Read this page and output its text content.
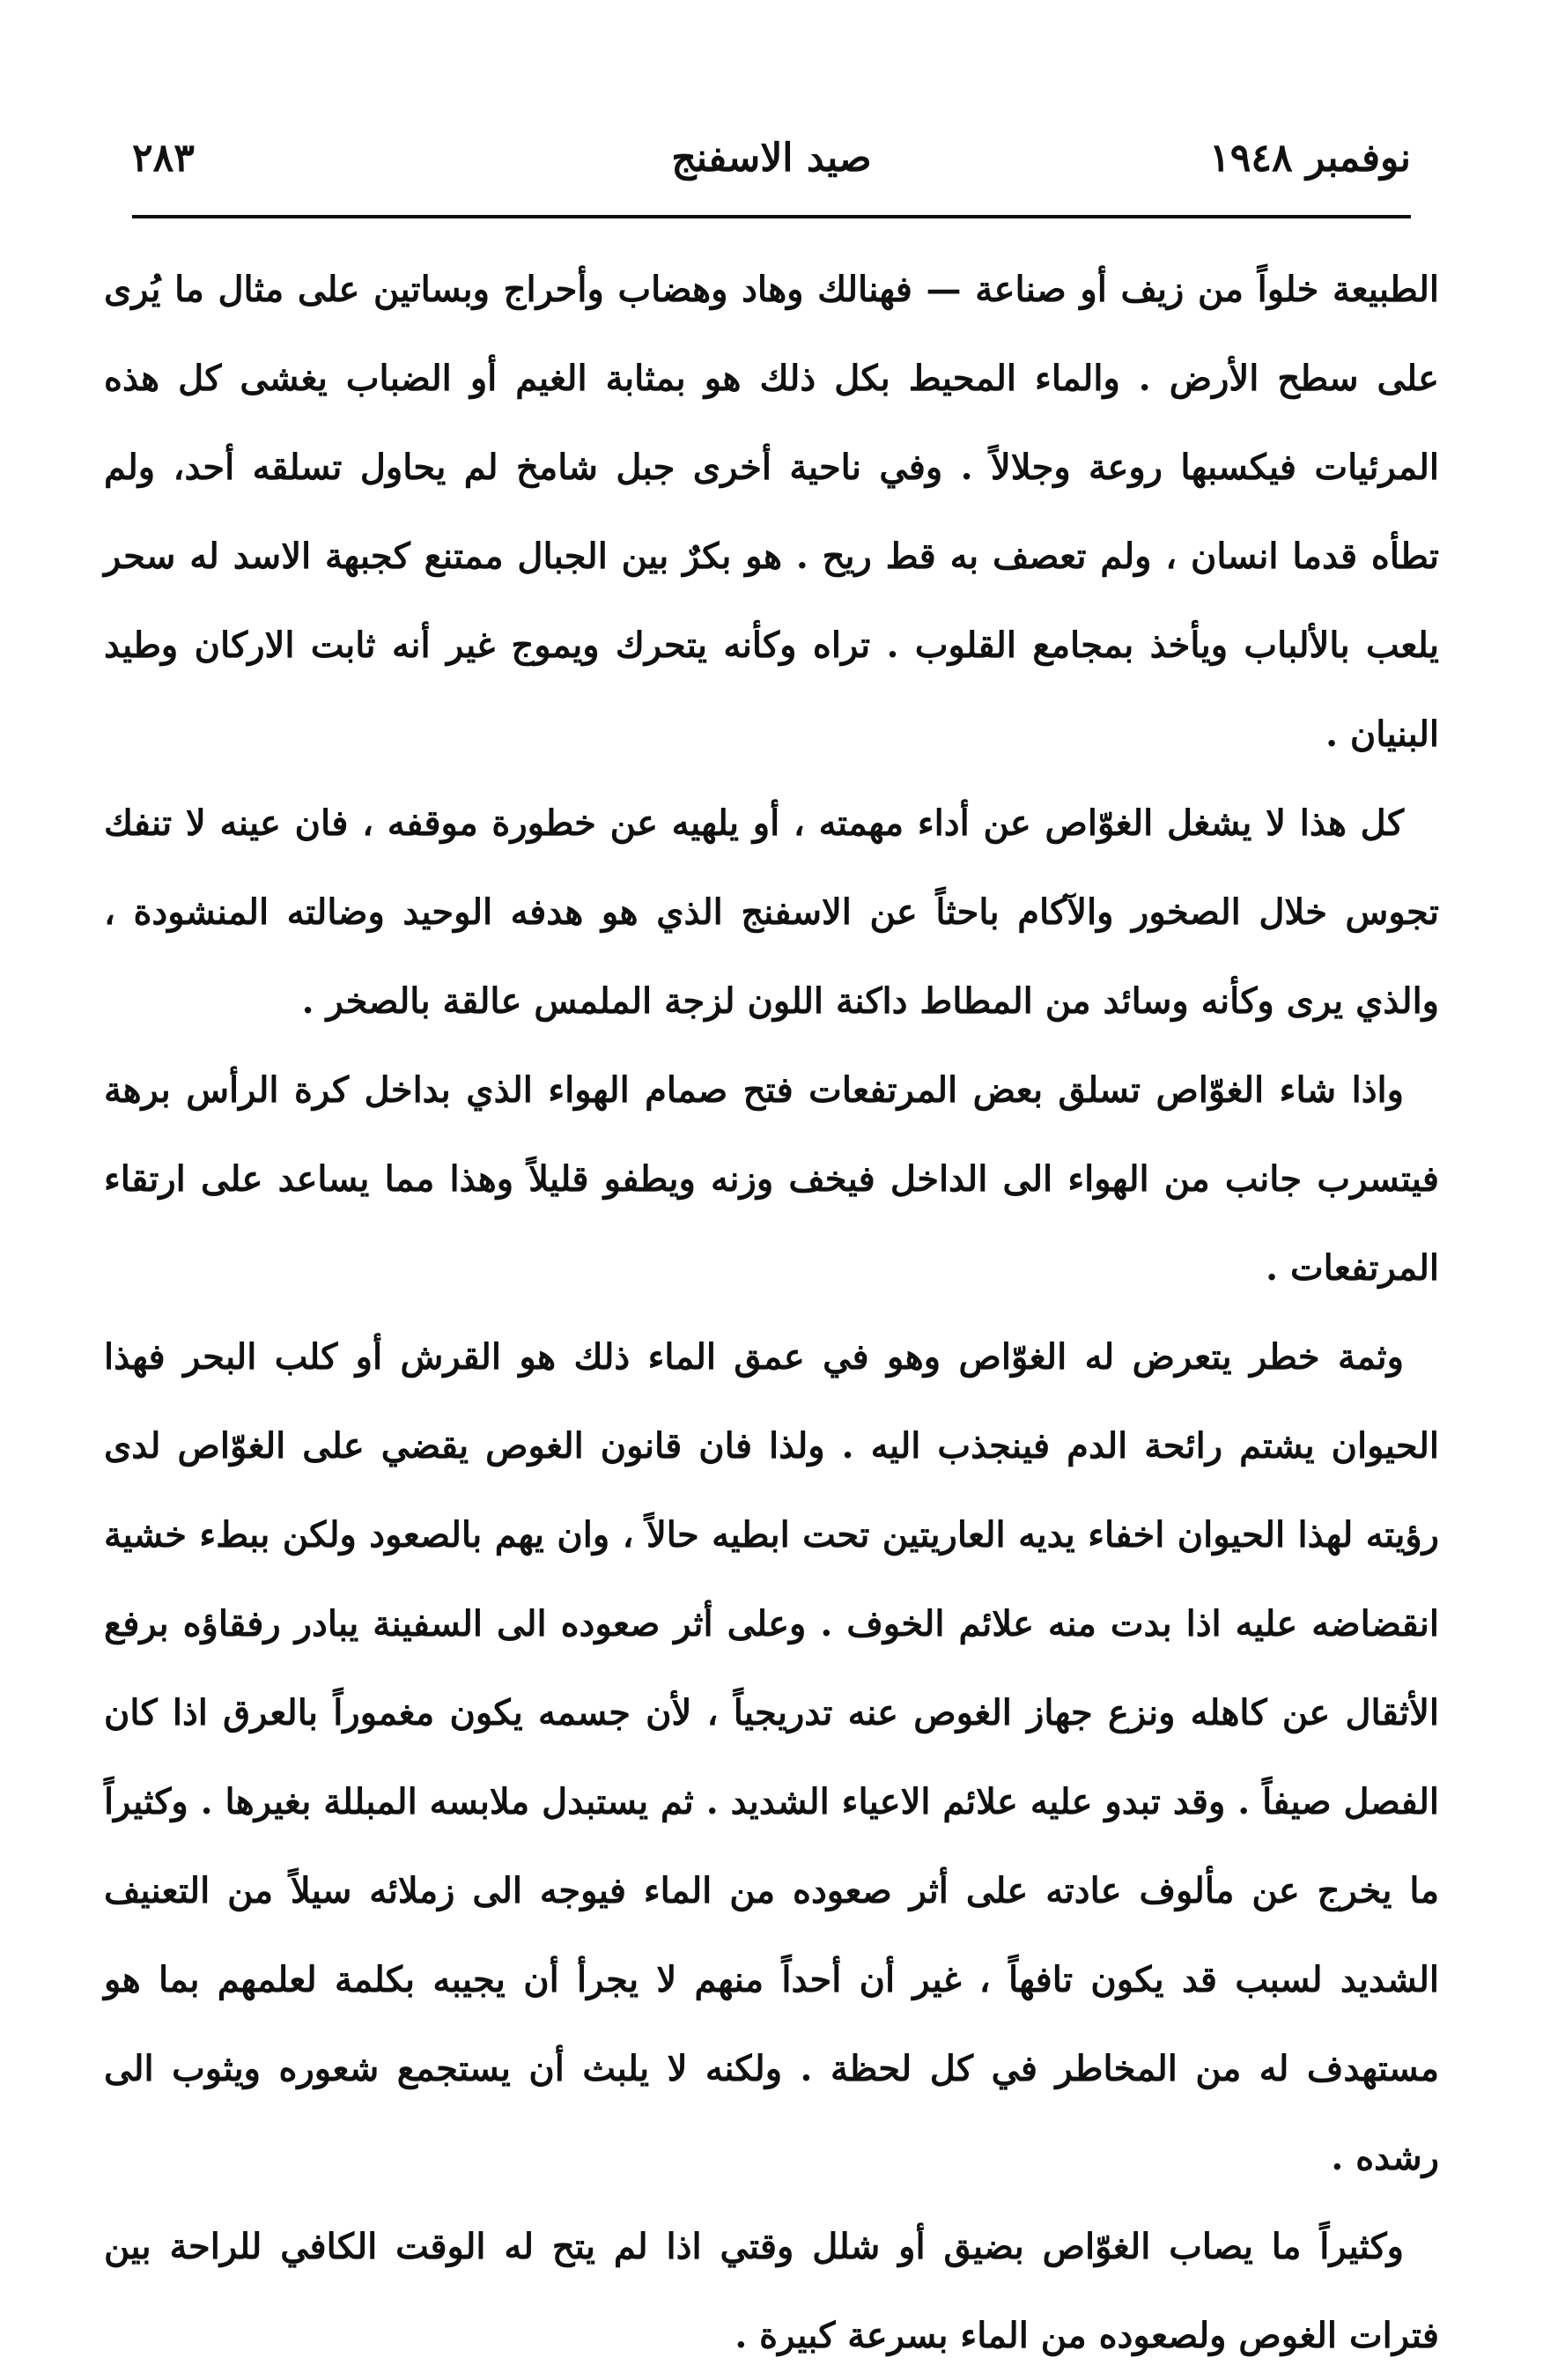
نوفمبر ١٩٤٨
صيد الاسفنج
٢٨٣

الطبيعة خلواً من زيف أو صناعة — فهنالك وهاد وهضاب وأحراج وبساتين على مثال ما يُرى على سطح الأرض . والماء المحيط بكل ذلك هو بمثابة الغيم أو الضباب يغشى كل هذه المرئيات فيكسبها روعة وجلالاً . وفي ناحية أخرى جبل شامخ لم يحاول تسلقه أحد، ولم تطأه قدما انسان ، ولم تعصف به قط ريح . هو بكرٌ بين الجبال ممتنع كجبهة الاسد له سحر يلعب بالألباب ويأخذ بمجامع القلوب . تراه وكأنه يتحرك ويموج غير أنه ثابت الاركان وطيد البنيان .

كل هذا لا يشغل الغوّاص عن أداء مهمته ، أو يلهيه عن خطورة موقفه ، فان عينه لا تنفك تجوس خلال الصخور والآكام باحثاً عن الاسفنج الذي هو هدفه الوحيد وضالته المنشودة ، والذي يرى وكأنه وسائد من المطاط داكنة اللون لزجة الملمس عالقة بالصخر .

واذا شاء الغوّاص تسلق بعض المرتفعات فتح صمام الهواء الذي بداخل كرة الرأس برهة فيتسرب جانب من الهواء الى الداخل فيخف وزنه ويطفو قليلاً وهذا مما يساعد على ارتقاء المرتفعات .

وثمة خطر يتعرض له الغوّاص وهو في عمق الماء ذلك هو القرش أو كلب البحر فهذا الحيوان يشتم رائحة الدم فينجذب اليه . ولذا فان قانون الغوص يقضي على الغوّاص لدى رؤيته لهذا الحيوان اخفاء يديه العاريتين تحت ابطيه حالاً ، وان يهم بالصعود ولكن ببطء خشية انقضاضه عليه اذا بدت منه علائم الخوف . وعلى أثر صعوده الى السفينة يبادر رفقاؤه برفع الأثقال عن كاهله ونزع جهاز الغوص عنه تدريجياً ، لأن جسمه يكون مغموراً بالعرق اذا كان الفصل صيفاً . وقد تبدو عليه علائم الاعياء الشديد . ثم يستبدل ملابسه المبللة بغيرها . وكثيراً ما يخرج عن مألوف عادته على أثر صعوده من الماء فيوجه الى زملائه سيلاً من التعنيف الشديد لسبب قد يكون تافهاً ، غير أن أحداً منهم لا يجرأ أن يجيبه بكلمة لعلمهم بما هو مستهدف له من المخاطر في كل لحظة . ولكنه لا يلبث أن يستجمع شعوره ويثوب الى رشده .

وكثيراً ما يصاب الغوّاص بضيق أو شلل وقتي اذا لم يتح له الوقت الكافي للراحة بين فترات الغوص ولصعوده من الماء بسرعة كبيرة .
